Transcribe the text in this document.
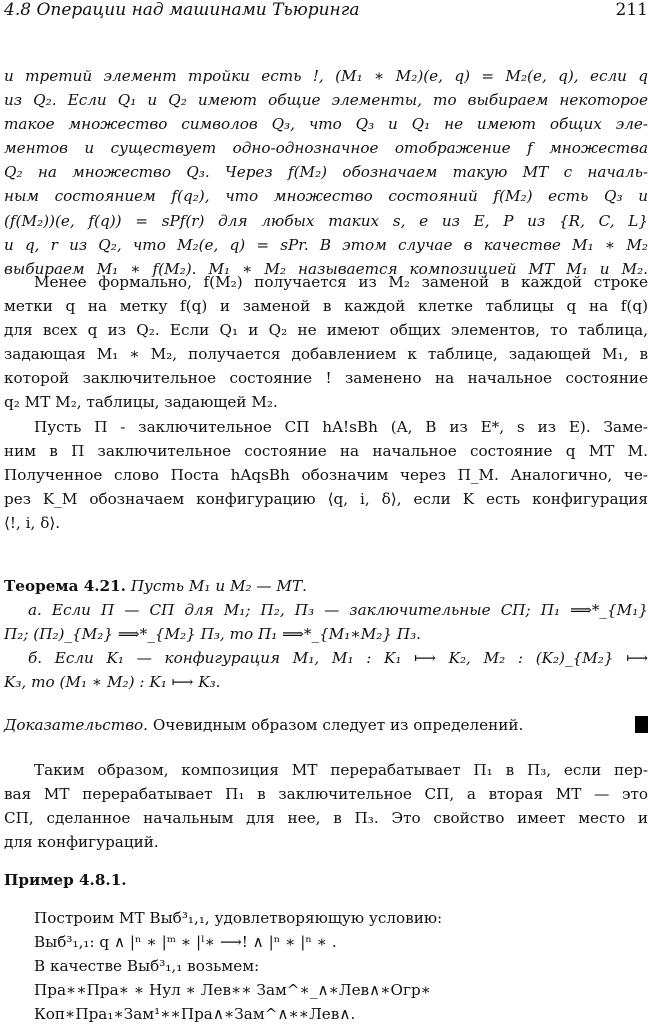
4.8 Операции над машинами Тьюринга	211
и третий элемент тройки есть !, (M₁ ∗ M₂)(e, q) = M₂(e, q), если q
из Q₂. Если Q₁ и Q₂ имеют общие элементы, то выбираем некоторое
такое множество символов Q₃, что Q₃ и Q₁ не имеют общих эле-
ментов и существует одно-однозначное отображение f множества
Q₂ на множество Q₃. Через f(M₂) обозначаем такую МТ с началь-
ным состоянием f(q₂), что множество состояний f(M₂) есть Q₃ и
(f(M₂))(e, f(q)) = sPf(r) для любых таких s, e из E, P из {R, C, L}
и q, r из Q₂, что M₂(e, q) = sPr. В этом случае в качестве M₁ ∗ M₂
выбираем M₁ ∗ f(M₂). M₁ ∗ M₂ называется композицией МТ M₁ и M₂.
Менее формально, f(M₂) получается из M₂ заменой в каждой строке
метки q на метку f(q) и заменой в каждой клетке таблицы q на f(q)
для всех q из Q₂. Если Q₁ и Q₂ не имеют общих элементов, то таблица,
задающая M₁ ∗ M₂, получается добавлением к таблице, задающей M₁, в
которой заключительное состояние ! заменено на начальное состояние
q₂ МТ M₂, таблицы, задающей M₂.
Пусть П - заключительное СП hA!sBh (A, B из E*, s из E). Заме-
ним в П заключительное состояние на начальное состояние q МТ M.
Полученное слово Поста hAqsBh обозначим через П_M. Аналогично, че-
рез K_M обозначаем конфигурацию ⟨q, i, δ⟩, если K есть конфигурация
⟨!, i, δ⟩.
Теорема 4.21. Пусть M₁ и M₂ — МТ.
а. Если П — СП для M₁; П₂, П₃ — заключительные СП; П₁ ⟹*_{M₁}
П₂; (П₂)_{M₂} ⟹*_{M₂} П₃, то П₁ ⟹*_{M₁∗M₂} П₃.
б. Если K₁ — конфигурация M₁, M₁ : K₁ ⟼ K₂, M₂ : (K₂)_{M₂} ⟼
K₃, то (M₁ ∗ M₂) : K₁ ⟼ K₃.
Доказательство. Очевидным образом следует из определений.
Таким образом, композиция МТ перерабатывает П₁ в П₃, если пер-
вая МТ перерабатывает П₁ в заключительное СП, а вторая МТ — это
СП, сделанное начальным для нее, в П₃. Это свойство имеет место и
для конфигураций.
Пример 4.8.1.
Построим МТ Выб³₁,₁, удовлетворяющую условию:
Выб³₁,₁: q ∧ |ⁿ ∗ |ᵐ ∗ |ˡ∗ ⟶! ∧ |ⁿ ∗ |ⁿ ∗ .
В качестве Выб³₁,₁ возьмем:
Пра∗∗Пра∗ ∗ Нул ∗ Лев∗∗ Зам^∗_∧∗Лев∧∗Огр∗
Коп∗Пра₁∗Зам¹∗∗Пра∧∗Зам^∧∗∗Лев∧.
